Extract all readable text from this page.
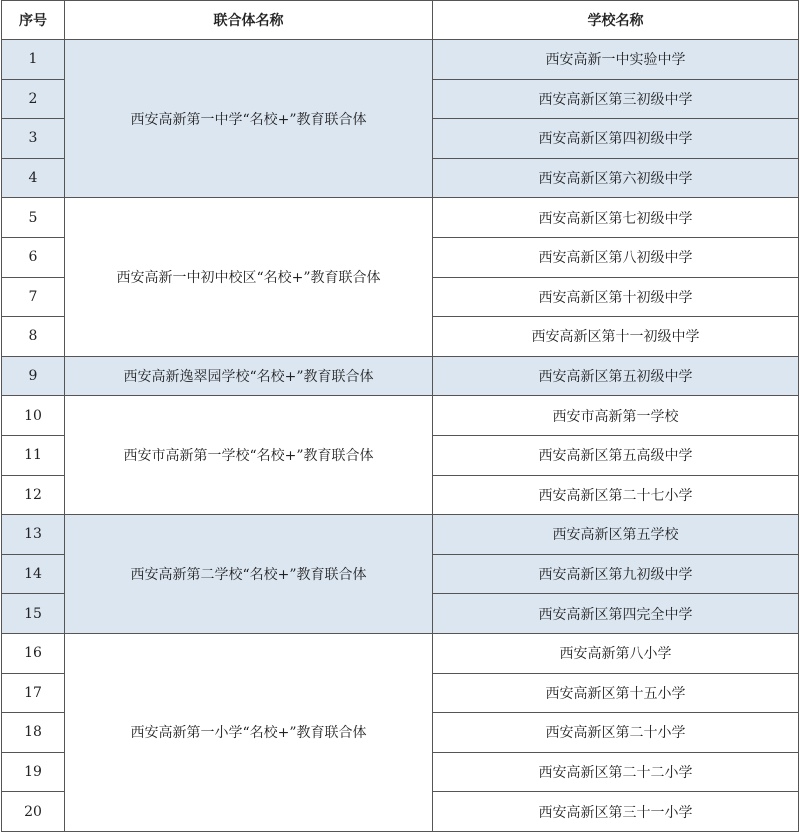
序号	联合体名称	学校名称
1	西安高新第一中学“名校+”教育联合体	西安高新一中实验中学
2		西安高新区第三初级中学
3		西安高新区第四初级中学
4		西安高新区第六初级中学
5	西安高新一中初中校区“名校+”教育联合体	西安高新区第七初级中学
6		西安高新区第八初级中学
7		西安高新区第十初级中学
8		西安高新区第十一初级中学
9	西安高新逸翠园学校“名校+”教育联合体	西安高新区第五初级中学
10	西安市高新第一学校“名校+”教育联合体	西安市高新第一学校
11		西安高新区第五高级中学
12		西安高新区第二十七小学
13	西安高新第二学校“名校+”教育联合体	西安高新区第五学校
14		西安高新区第九初级中学
15		西安高新区第四完全中学
16	西安高新第一小学“名校+”教育联合体	西安高新第八小学
17		西安高新区第十五小学
18		西安高新区第二十小学
19		西安高新区第二十二小学
20		西安高新区第三十一小学
